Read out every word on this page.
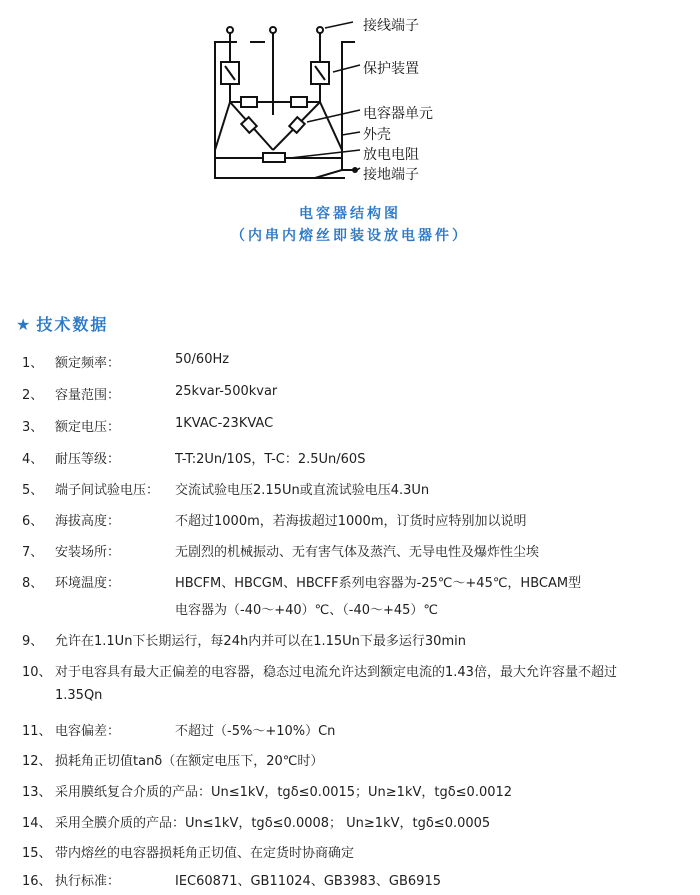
接线端子
保护装置
电容器单元
外壳
放电电阻
接地端子
电容器结构图
（内串内熔丝即装设放电器件）
★ 技术数据
1、 额定频率：	50/60Hz
2、 容量范围：	25kvar-500kvar
3、 额定电压：	1KVAC-23KVAC
4、 耐压等级：	T-T:2Un/10S，T-C：2.5Un/60S
5、 端子间试验电压： 交流试验电压2.15Un或直流试验电压4.3Un
6、 海拔高度：	不超过1000m，若海拔超过1000m，订货时应特别加以说明
7、 安装场所：	无剧烈的机械振动、无有害气体及蒸汽、无导电性及爆炸性尘埃
8、 环境温度：	HBCFM、HBCGM、HBCFF系列电容器为-25℃～+45℃，HBCAM型
电容器为（-40～+40）℃、（-40～+45）℃
9、 允许在1.1Un下长期运行，每24h内并可以在1.15Un下最多运行30min
10、 对于电容具有最大正偏差的电容器，稳态过电流允许达到额定电流的1.43倍，最大允许容量不超过
1.35Qn
11、 电容偏差：	不超过（-5%～+10%）Cn
12、 损耗角正切值tanδ（在额定电压下，20℃时）
13、 采用膜纸复合介质的产品：Un≤1kV，tgδ≤0.0015；Un≥1kV，tgδ≤0.0012
14、 采用全膜介质的产品：Un≤1kV，tgδ≤0.0008； Un≥1kV，tgδ≤0.0005
15、 带内熔丝的电容器损耗角正切值、在定货时协商确定
16、 执行标准：	IEC60871、GB11024、GB3983、GB6915
